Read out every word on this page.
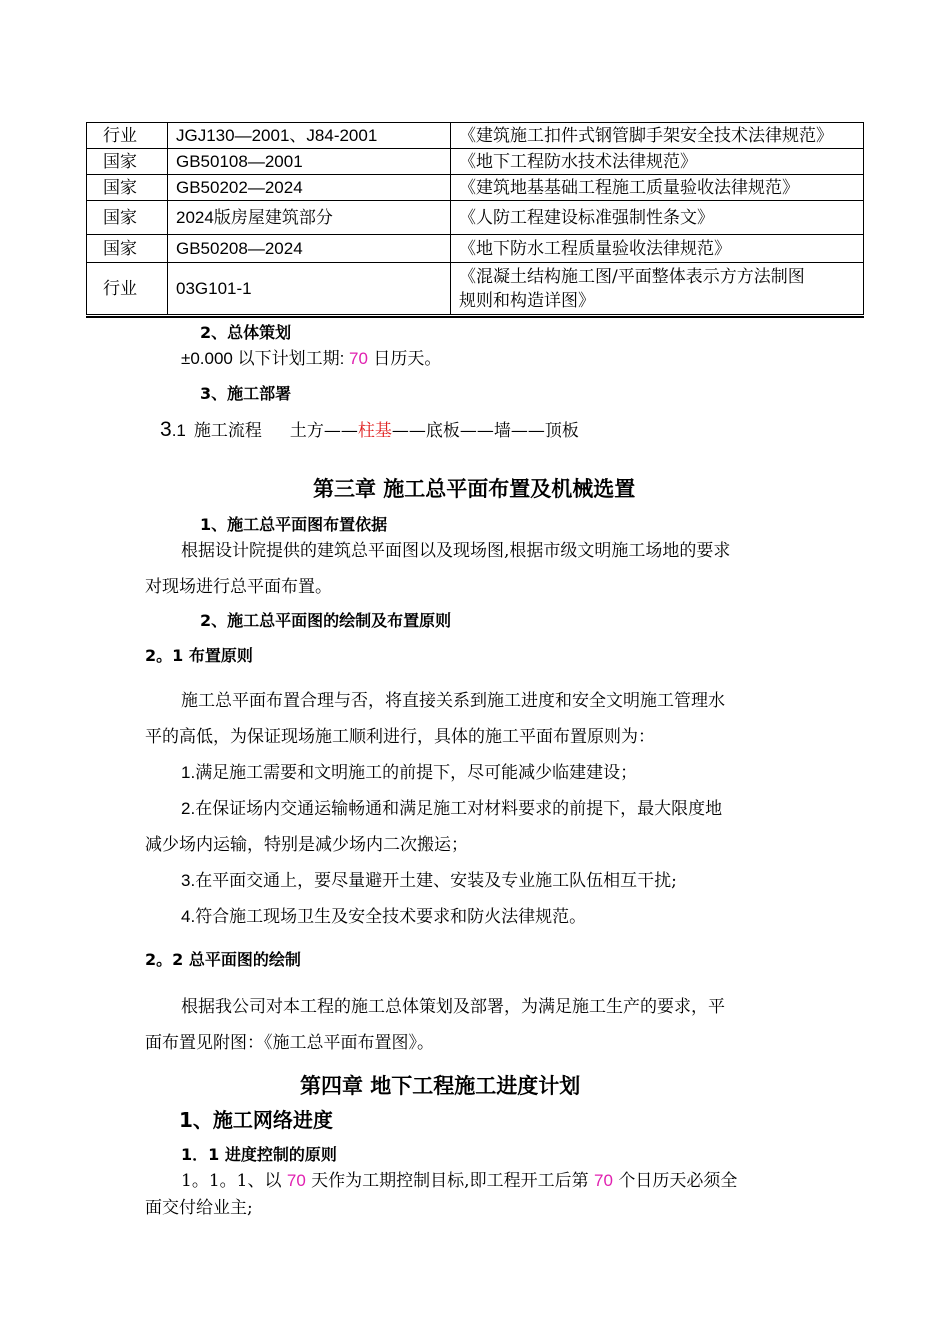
行业	JGJ130—2001、J84-2001	《建筑施工扣件式钢管脚手架安全技术法律规范》
国家	GB50108—2001	《地下工程防水技术法律规范》
国家	GB50202—2024	《建筑地基基础工程施工质量验收法律规范》
国家	2024版房屋建筑部分	《人防工程建设标准强制性条文》
国家	GB50208—2024	《地下防水工程质量验收法律规范》
行业	03G101-1	《混凝土结构施工图/平面整体表示方方法制图
规则和构造详图》
2、总体策划
±0.000 以下计划工期: 70 日历天。
3、施工部署
3.1 施工流程 土方——柱基——底板——墙——顶板
第三章 施工总平面布置及机械选置
1、施工总平面图布置依据
根据设计院提供的建筑总平面图以及现场图,根据市级文明施工场地的要求
对现场进行总平面布置。
2、施工总平面图的绘制及布置原则
2。1 布置原则
施工总平面布置合理与否，将直接关系到施工进度和安全文明施工管理水
平的高低，为保证现场施工顺利进行，具体的施工平面布置原则为：
1.满足施工需要和文明施工的前提下，尽可能减少临建建设；
2.在保证场内交通运输畅通和满足施工对材料要求的前提下，最大限度地
减少场内运输，特别是减少场内二次搬运；
3.在平面交通上，要尽量避开土建、安装及专业施工队伍相互干扰;
4.符合施工现场卫生及安全技术要求和防火法律规范。
2。2 总平面图的绘制
根据我公司对本工程的施工总体策划及部署，为满足施工生产的要求，平
面布置见附图：《施工总平面布置图》。
第四章 地下工程施工进度计划
1、施工网络进度
1．1 进度控制的原则
1。1。1、以 70 天作为工期控制目标,即工程开工后第 70 个日历天必须全
面交付给业主;
